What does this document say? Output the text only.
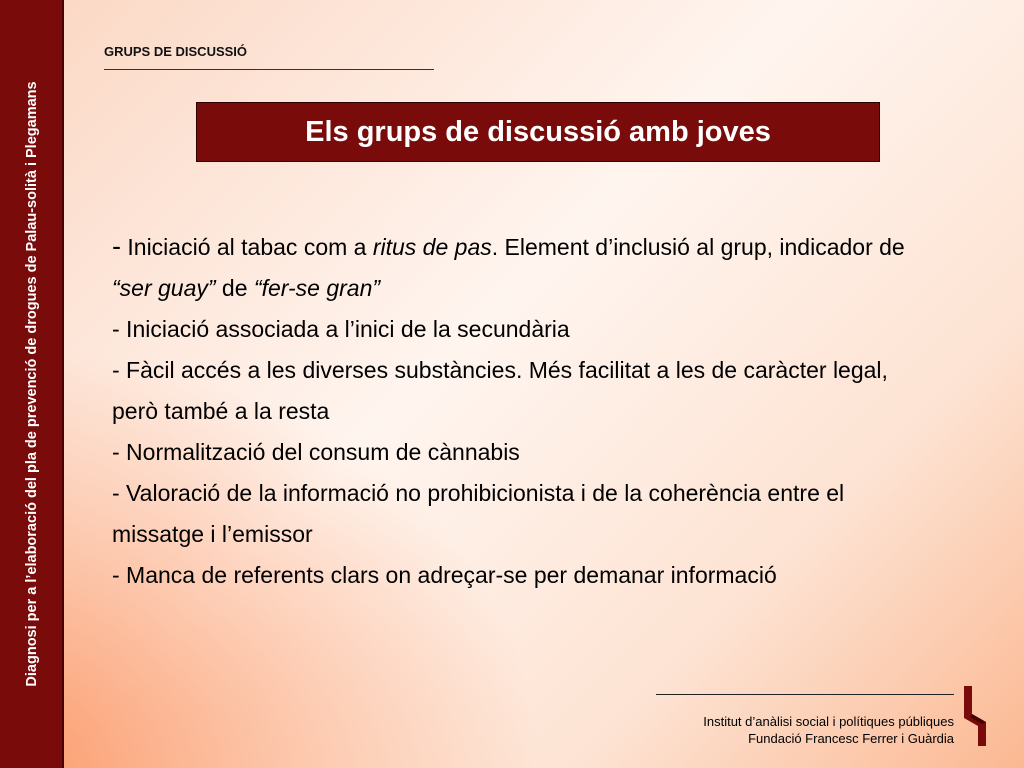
Diagnosi per a l’elaboració del pla de prevenció de drogues de Palau-solità i Plegamans
GRUPS DE DISCUSSIÓ
Els grups de discussió amb joves

- Iniciació al tabac com a ritus de pas. Element d’inclusió al grup, indicador de “ser guay” de “fer-se gran”

- Iniciació associada a l’inici de la secundària

- Fàcil accés a les diverses substàncies. Més facilitat a les de caràcter legal, però també a la resta

- Normalització del consum de cànnabis

- Valoració de la informació no prohibicionista i de la coherència entre el missatge i l’emissor

- Manca de referents clars on adreçar-se per demanar informació

Institut d’anàlisi social i polítiques públiques
Fundació Francesc Ferrer i Guàrdia
